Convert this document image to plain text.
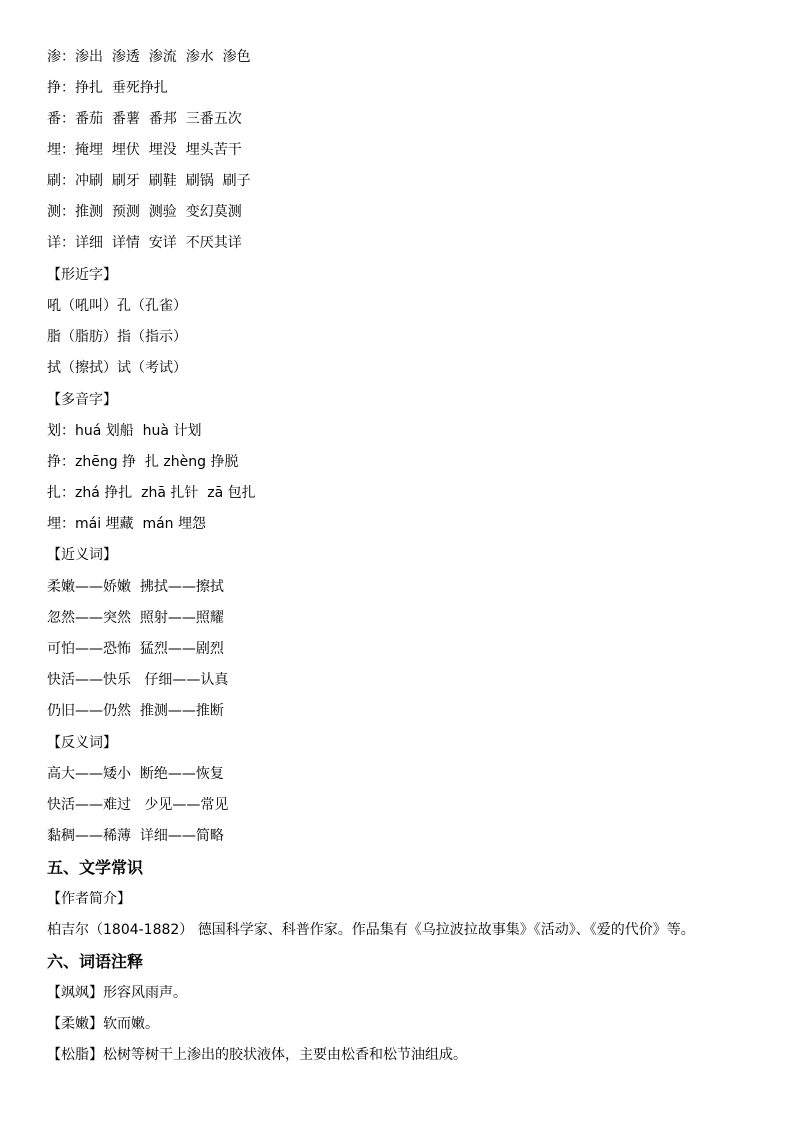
渗：渗出  渗透  渗流  渗水  渗色
挣：挣扎  垂死挣扎
番：番茄  番薯  番邦  三番五次
埋：掩埋  埋伏  埋没  埋头苦干
刷：冲刷  刷牙  刷鞋  刷锅  刷子
测：推测  预测  测验  变幻莫测
详：详细  详情  安详  不厌其详
【形近字】
吼（吼叫）孔（孔雀）
脂（脂肪）指（指示）
拭（擦拭）试（考试）
【多音字】
划：huá 划船  huà 计划
挣：zhēng 挣  扎 zhèng 挣脱
扎：zhá 挣扎  zhā 扎针  zā 包扎
埋：mái 埋藏  mán 埋怨
【近义词】
柔嫩——娇嫩  拂拭——擦拭
忽然——突然  照射——照耀
可怕——恐怖  猛烈——剧烈
快活——快乐   仔细——认真
仍旧——仍然  推测——推断
【反义词】
高大——矮小  断绝——恢复
快活——难过   少见——常见
黏稠——稀薄  详细——简略
五、文学常识
【作者简介】
柏吉尔（1804-1882） 德国科学家、科普作家。作品集有《乌拉波拉故事集》《活动》、《爱的代价》等。
六、词语注释
【飒飒】形容风雨声。
【柔嫩】软而嫩。
【松脂】松树等树干上渗出的胶状液体，主要由松香和松节油组成。
